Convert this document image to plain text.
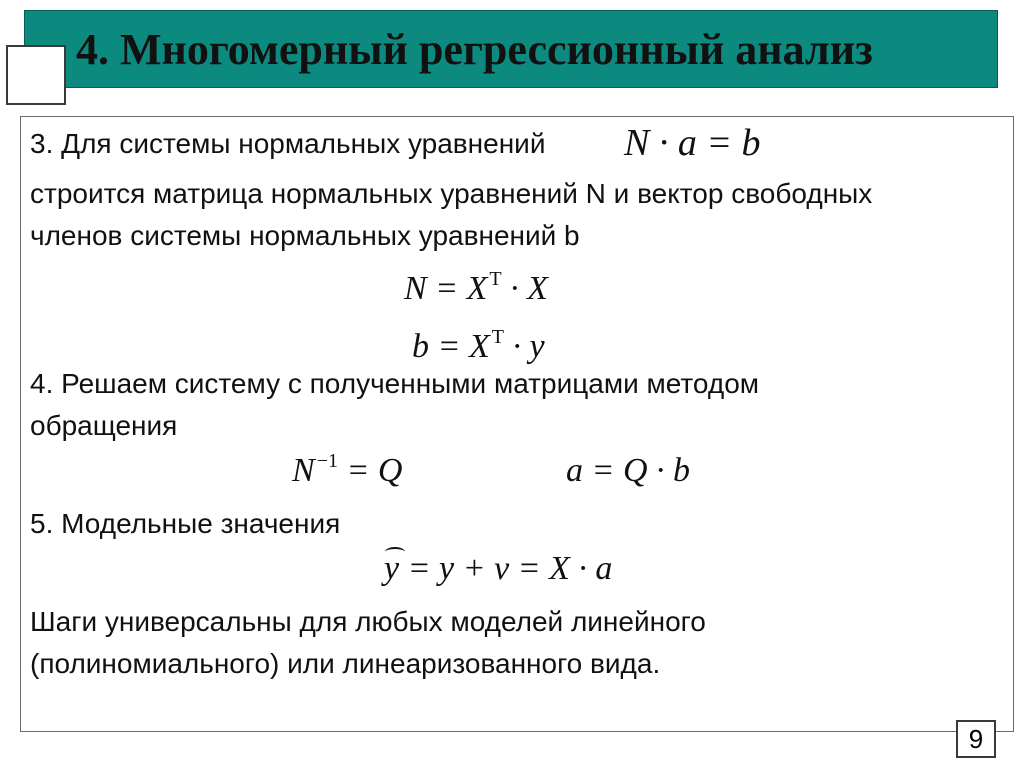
4. Многомерный регрессионный анализ
3. Для системы нормальных уравнений N · a = b
строится матрица нормальных уравнений N и вектор свободных
членов системы нормальных уравнений b
N = X $^T$ · X
b = X $^T$ · y
4. Решаем систему с полученными матрицами методом
обращения
N $^{-1}$ = Q	a = Q · b
5. Модельные значения
y = y + v = X · a
Шаги универсальны для любых моделей линейного
(полиномиального) или линеаризованного вида.
9
